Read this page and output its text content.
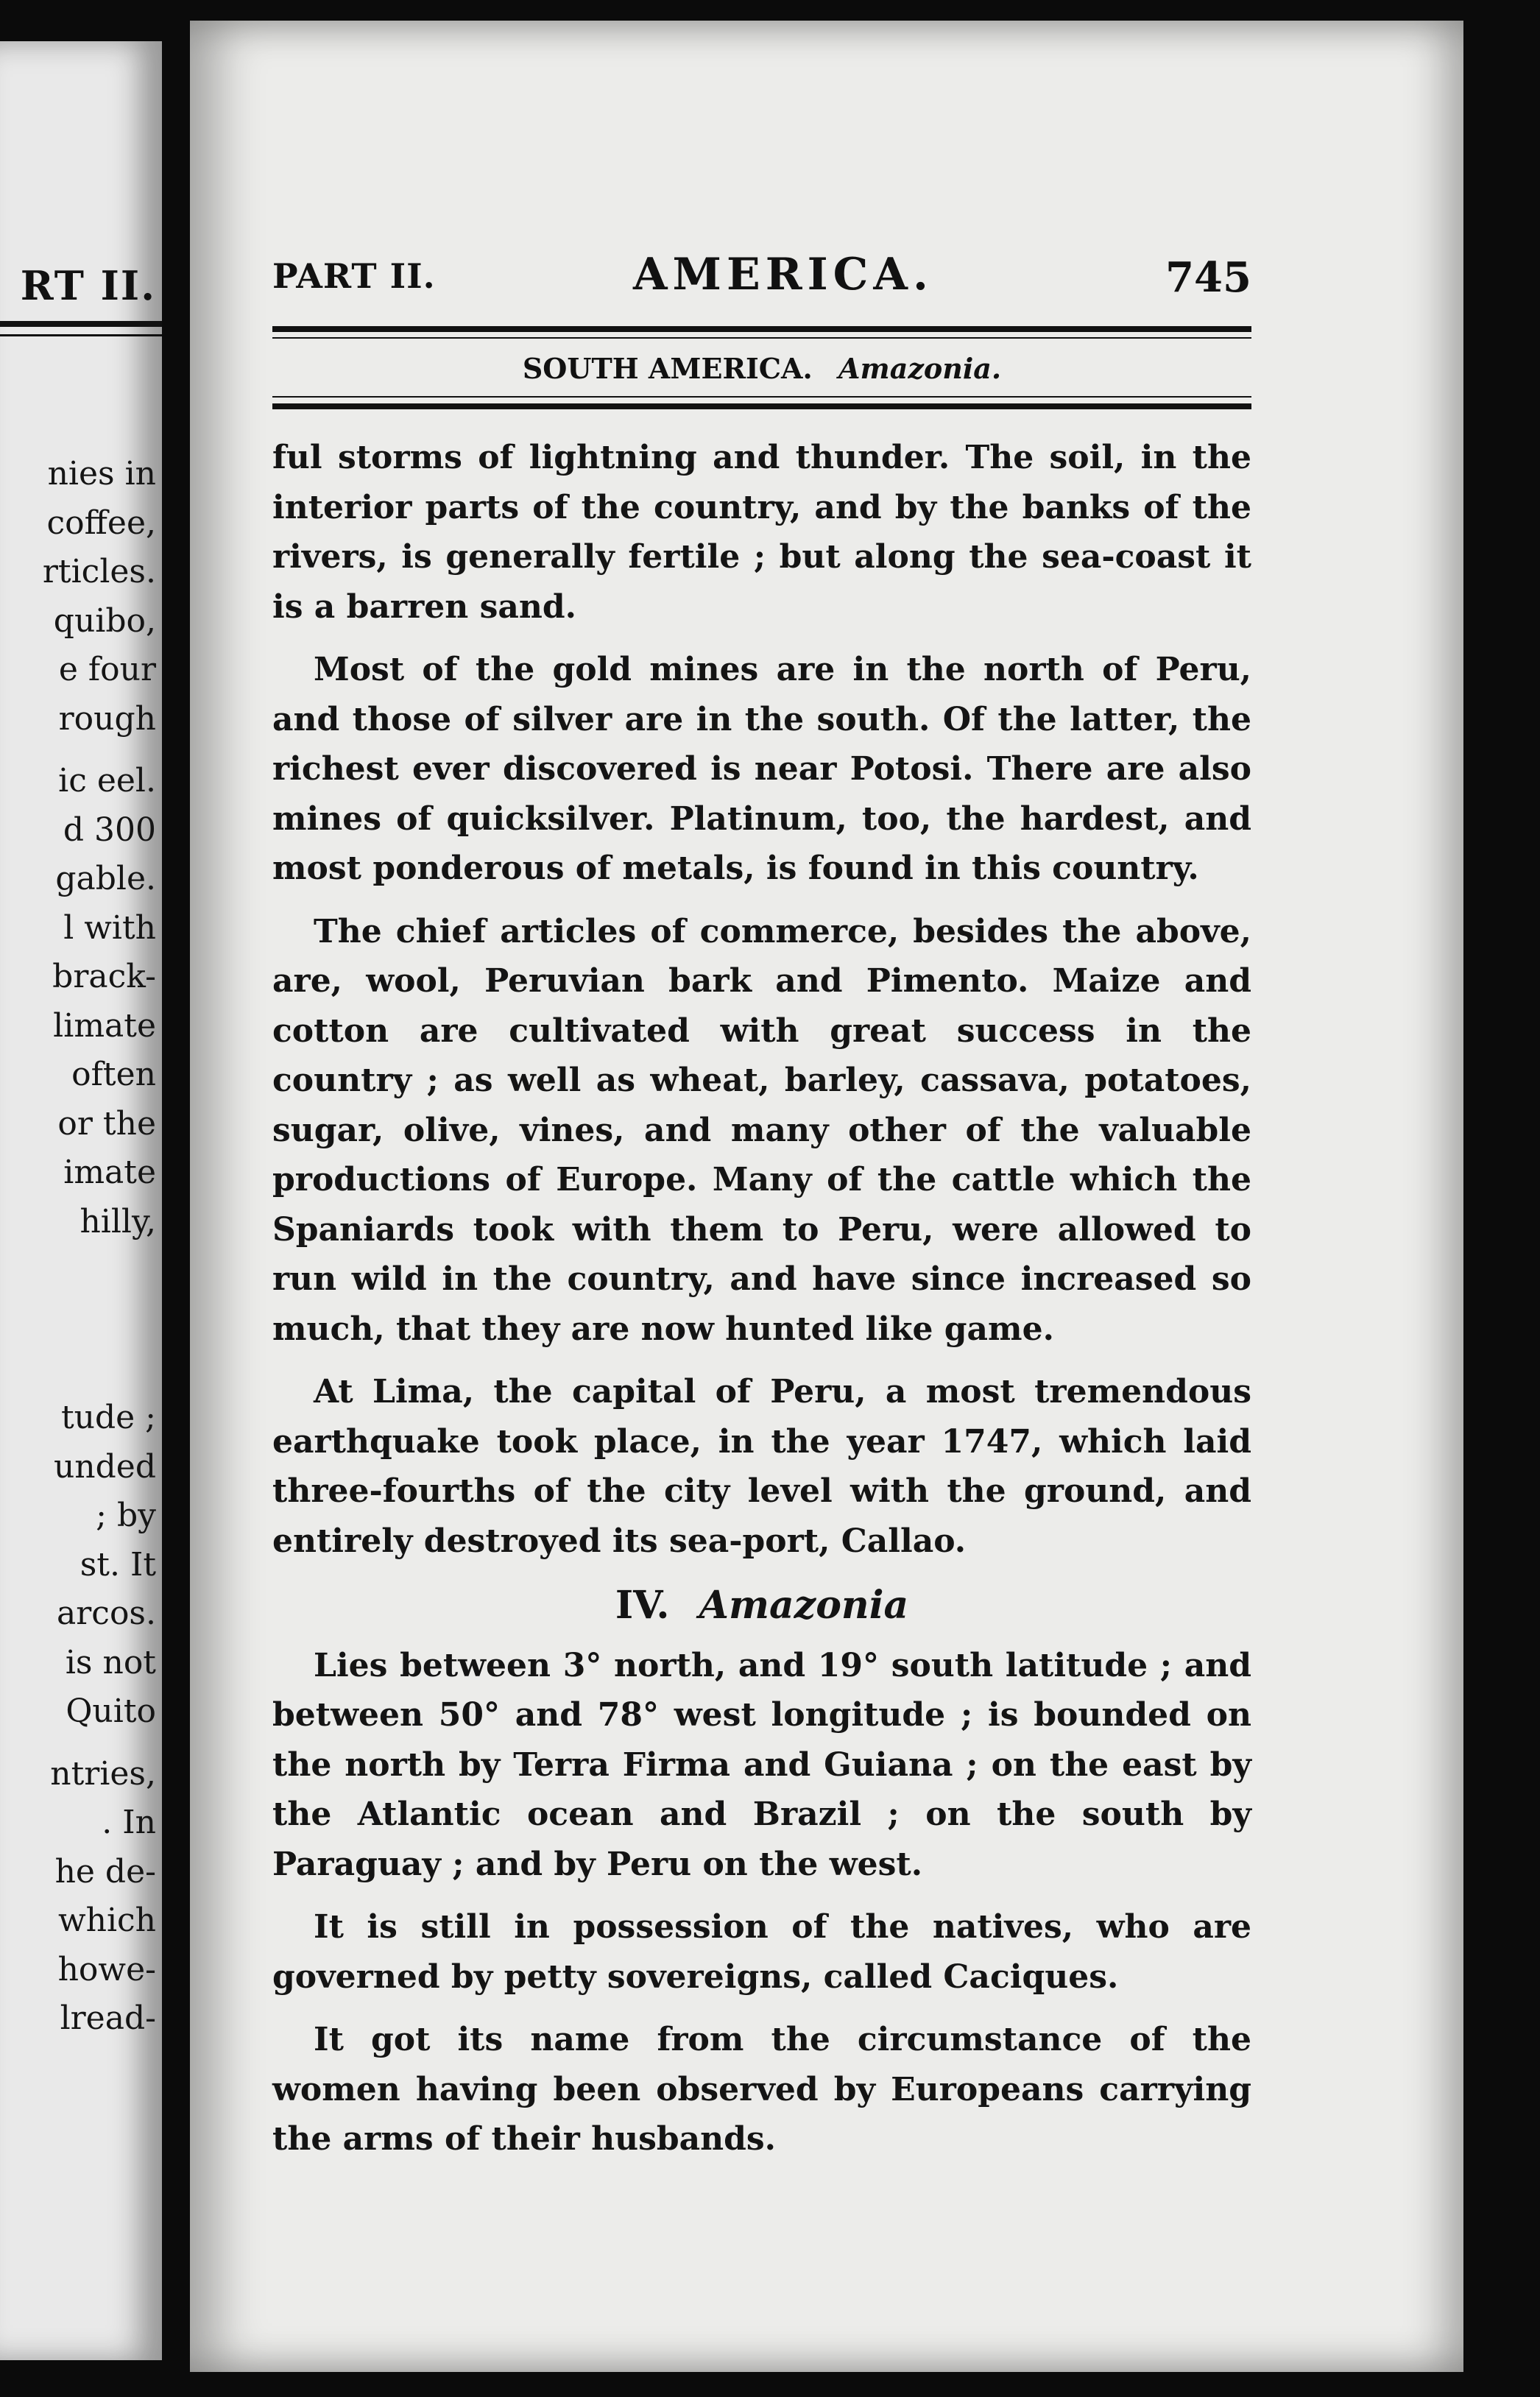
RT II.
nies in
coffee,
rticles.
quibo,
e four
rough
ic eel.
d 300
gable.
l with
brack-
limate
often
or the
imate
hilly,
tude ;
unded
; by
st. It
arcos.
is not
Quito
ntries,
. In
he de-
which
howe-
lread-
PART II.	AMERICA.	745
SOUTH AMERICA. Amazonia.

ful storms of lightning and thunder. The soil, in the interior parts of the country, and by the banks of the rivers, is generally fertile ; but along the sea-coast it is a barren sand.

Most of the gold mines are in the north of Peru, and those of silver are in the south. Of the latter, the richest ever discovered is near Potosi. There are also mines of quicksilver. Platinum, too, the hardest, and most ponderous of metals, is found in this country.

The chief articles of commerce, besides the above, are, wool, Peruvian bark and Pimento. Maize and cotton are cultivated with great success in the country ; as well as wheat, barley, cassava, potatoes, sugar, olive, vines, and many other of the valuable productions of Europe. Many of the cattle which the Spaniards took with them to Peru, were allowed to run wild in the country, and have since increased so much, that they are now hunted like game.

At Lima, the capital of Peru, a most tremendous earthquake took place, in the year 1747, which laid three-fourths of the city level with the ground, and entirely destroyed its sea-port, Callao.

IV. Amazonia

Lies between 3° north, and 19° south latitude ; and between 50° and 78° west longitude ; is bounded on the north by Terra Firma and Guiana ; on the east by the Atlantic ocean and Brazil ; on the south by Paraguay ; and by Peru on the west.

It is still in possession of the natives, who are governed by petty sovereigns, called Caciques.

It got its name from the circumstance of the women having been observed by Europeans carrying the arms of their husbands.
